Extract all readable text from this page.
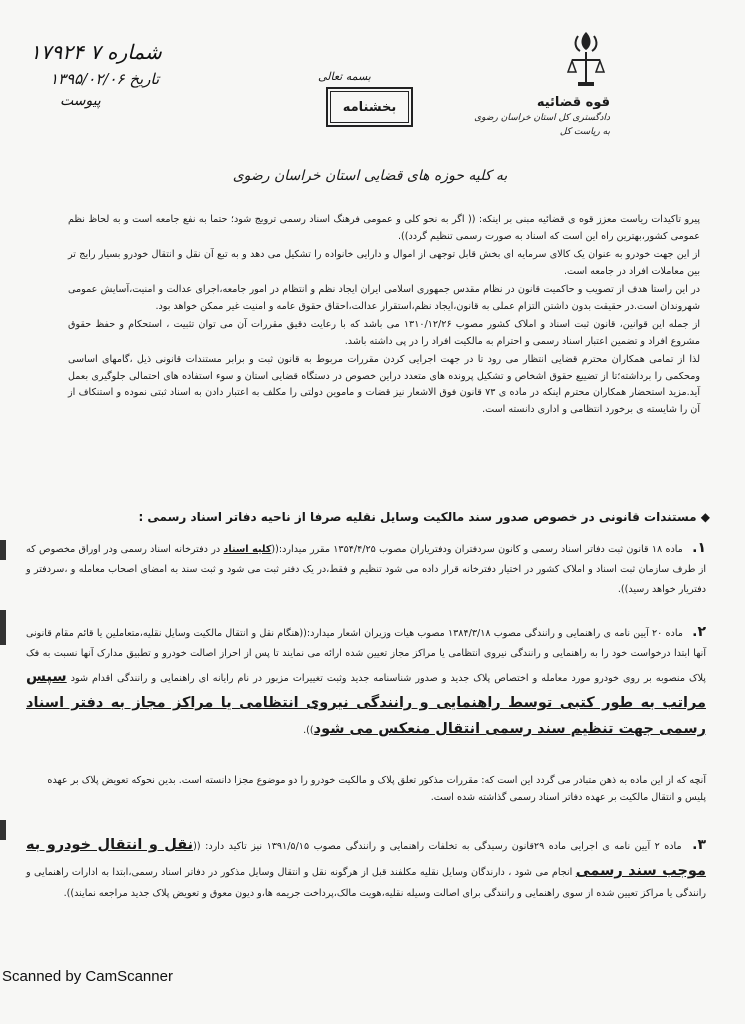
۱۷۹۲۴ ۷ شماره
تاریخ ۱۳۹۵/۰۲/۰۶
پیوست	قوه قضائیه
دادگستری کل استان خراسان رضوی
به ریاست کل
بسمه تعالی
بخشنامه
به کلیه حوزه های قضایی استان خراسان رضوی

پیرو تاکیدات ریاست معزز قوه ی قضائیه مبنی بر اینکه: (( اگر به نحو کلی و عمومی فرهنگ اسناد رسمی ترویج شود؛ حتما به نفع جامعه است و به لحاظ نظم عمومی کشور،بهترین راه این است که اسناد به صورت رسمی تنظیم گردد)).

از این جهت خودرو به عنوان یک کالای سرمایه ای بخش قابل توجهی از اموال و دارایی خانواده را تشکیل می دهد و به تبع آن نقل و انتقال خودرو بسیار رایج تر بین معاملات افراد در جامعه است.

در این راستا هدف از تصویب و حاکمیت قانون در نظام مقدس جمهوری اسلامی ایران ایجاد نظم و انتظام در امور جامعه،اجرای عدالت و امنیت،آسایش عمومی شهروندان است.در حقیقت بدون داشتن التزام عملی به قانون،ایجاد نظم،استقرار عدالت،احقاق حقوق عامه و امنیت غیر ممکن خواهد بود.

از جمله این قوانین، قانون ثبت اسناد و املاک کشور مصوب ۱۳۱۰/۱۲/۲۶ می باشد که با رعایت دقیق مقررات آن می توان تثبیت ، استحکام و حفظ حقوق مشروع افراد و تضمین اعتبار اسناد رسمی و احترام به مالکیت افراد را در پی داشته باشد.

لذا از تمامی همکاران محترم قضایی انتظار می رود تا در جهت اجرایی کردن مقررات مربوط به قانون ثبت و برابر مستندات قانونی ذیل ،گامهای اساسی ومحکمی را برداشته؛تا از تضییع حقوق اشخاص و تشکیل پرونده های متعدد دراین خصوص در دستگاه قضایی استان و سوء استفاده های احتمالی جلوگیری بعمل آید.مزید استحضار همکاران محترم اینکه در ماده ی ۷۳ قانون فوق الاشعار نیز قضات و ماموین دولتی را مکلف به اعتبار دادن به اسناد ثبتی نموده و استنکاف از آن را شایسته ی برخورد انتظامی و اداری دانسته است.

◆ مستندات قانونی در خصوص صدور سند مالکیت وسایل نقلیه صرفا از ناحیه دفاتر اسناد رسمی :
۱. ماده ۱۸ قانون ثبت دفاتر اسناد رسمی و کانون سردفتران ودفتریاران مصوب ۱۳۵۴/۴/۲۵ مقرر میدارد:((کلیه اسناد در دفترخانه اسناد رسمی ودر اوراق مخصوص که از طرف سازمان ثبت اسناد و املاک کشور در اختیار دفترخانه قرار داده می شود تنظیم و فقط،در یک دفتر ثبت می شود و ثبت سند به امضای اصحاب معامله و ،سردفتر و دفتریار خواهد رسید)).
۲. ماده ۲۰ آیین نامه ی راهنمایی و رانندگی مصوب ۱۳۸۴/۳/۱۸ مصوب هیات وزیران اشعار میدارد:((هنگام نقل و انتقال مالکیت وسایل نقلیه،متعاملین یا قائم مقام قانونی آنها ابتدا درخواست خود را به راهنمایی و رانندگی نیروی انتظامی یا مراکز مجاز تعیین شده ارائه می نمایند تا پس از احراز اصالت خودرو و تطبیق مدارک آنها نسبت به فک پلاک منصوبه بر روی خودرو مورد معامله و اختصاص پلاک جدید و صدور شناسنامه جدید وثبت تغییرات مزبور در نام رایانه ای راهنمایی و رانندگی اقدام شود سپس مراتب به طور کتبی توسط راهنمایی و رانندگی نیروی انتظامی یا مراکز مجاز به دفتر اسناد رسمی جهت تنظیم سند رسمی انتقال منعکس می شود)).
آنچه که از این ماده به ذهن متبادر می گردد این است که: مقررات مذکور تعلق پلاک و مالکیت خودرو را دو موضوع مجزا دانسته است. بدین نحوکه تعویض پلاک بر عهده پلیس و انتقال مالکیت بر عهده دفاتر اسناد رسمی گذاشته شده است.
۳. ماده ۲ آیین نامه ی اجرایی ماده ۲۹قانون رسیدگی به تخلفات راهنمایی و رانندگی مصوب ۱۳۹۱/۵/۱۵ نیز تاکید دارد: ((نقل و انتقال خودرو به موجب سند رسمی انجام می شود ، دارندگان وسایل نقلیه مکلفند قبل از هرگونه نقل و انتقال وسایل مذکور در دفاتر اسناد رسمی،ابتدا به ادارات راهنمایی و رانندگی یا مراکز تعیین شده از سوی راهنمایی و رانندگی برای اصالت وسیله نقلیه،هویت مالک،پرداخت جریمه ها،و دیون معوق و تعویض پلاک جدید مراجعه نمایند)).
Scanned by CamScanner
